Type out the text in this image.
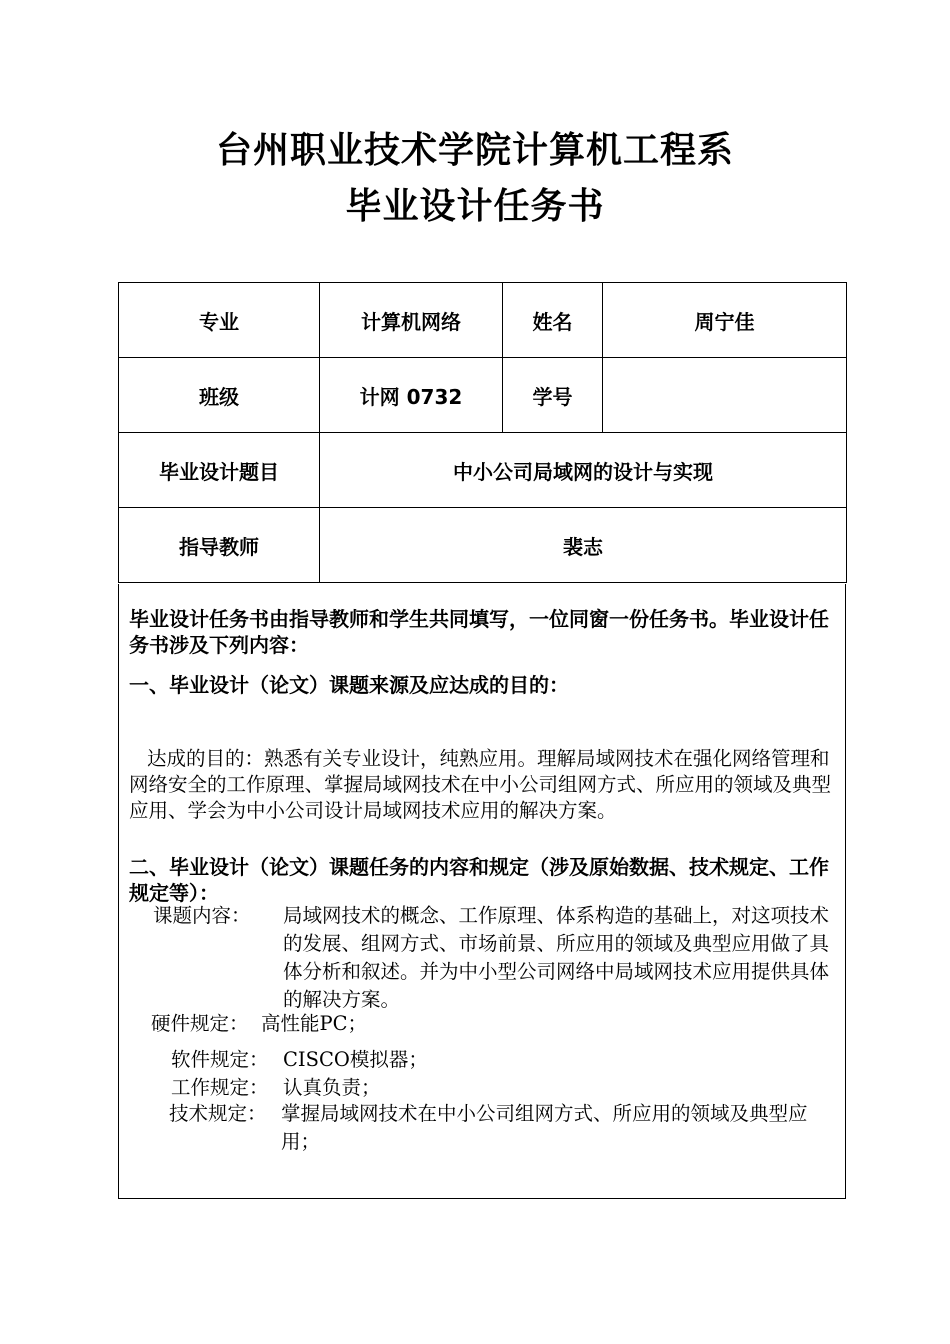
台州职业技术学院计算机工程系
毕业设计任务书
专业	计算机网络	姓名	周宁佳
班级	计网 0732	学号	
毕业设计题目	中小公司局域网的设计与实现		
指导教师	裴志		
毕业设计任务书由指导教师和学生共同填写，一位同窗一份任务书。毕业设计任务书涉及下列内容：
一、毕业设计（论文）课题来源及应达成的目的：
达成的目的：熟悉有关专业设计，纯熟应用。理解局域网技术在强化网络管理和网络安全的工作原理、掌握局域网技术在中小公司组网方式、所应用的领域及典型应用、学会为中小公司设计局域网技术应用的解决方案。
二、毕业设计（论文）课题任务的内容和规定（涉及原始数据、技术规定、工作规定等）：
课题内容： 局域网技术的概念、工作原理、体系构造的基础上，对这项技术的发展、组网方式、市场前景、所应用的领域及典型应用做了具体分析和叙述。并为中小型公司网络中局域网技术应用提供具体的解决方案。
硬件规定： 高性能PC；
软件规定： CISCO模拟器；
工作规定： 认真负责；
技术规定： 掌握局域网技术在中小公司组网方式、所应用的领域及典型应用；
